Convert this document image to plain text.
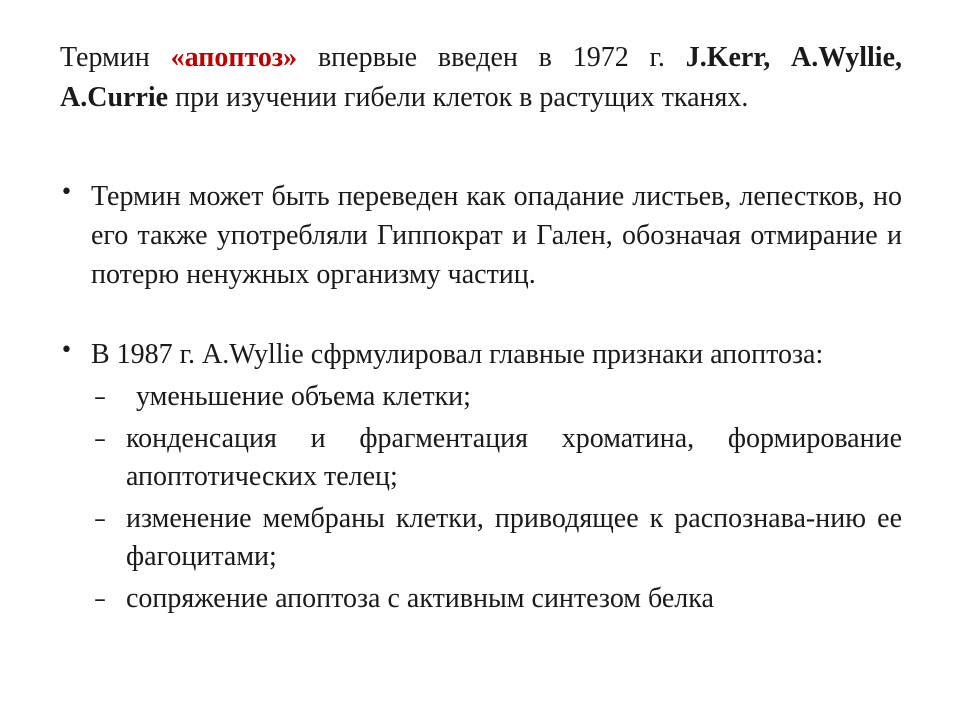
Термин «апоптоз» впервые введен в 1972 г. J.Kerr, A.Wyllie, A.Currie при изучении гибели клеток в растущих тканях.

• Термин может быть переведен как опадание листьев, лепестков, но его также употребляли Гиппократ и Гален, обозначая отмирание и потерю ненужных организму частиц.
• В 1987 г. A.Wyllie сфрмулировал главные признаки апоптоза:
– уменьшение объема клетки;
– конденсация и фрагментация хроматина, формирование апоптотических телец;
– изменение мембраны клетки, приводящее к распознава-нию ее фагоцитами;
– сопряжение апоптоза с активным синтезом белка
